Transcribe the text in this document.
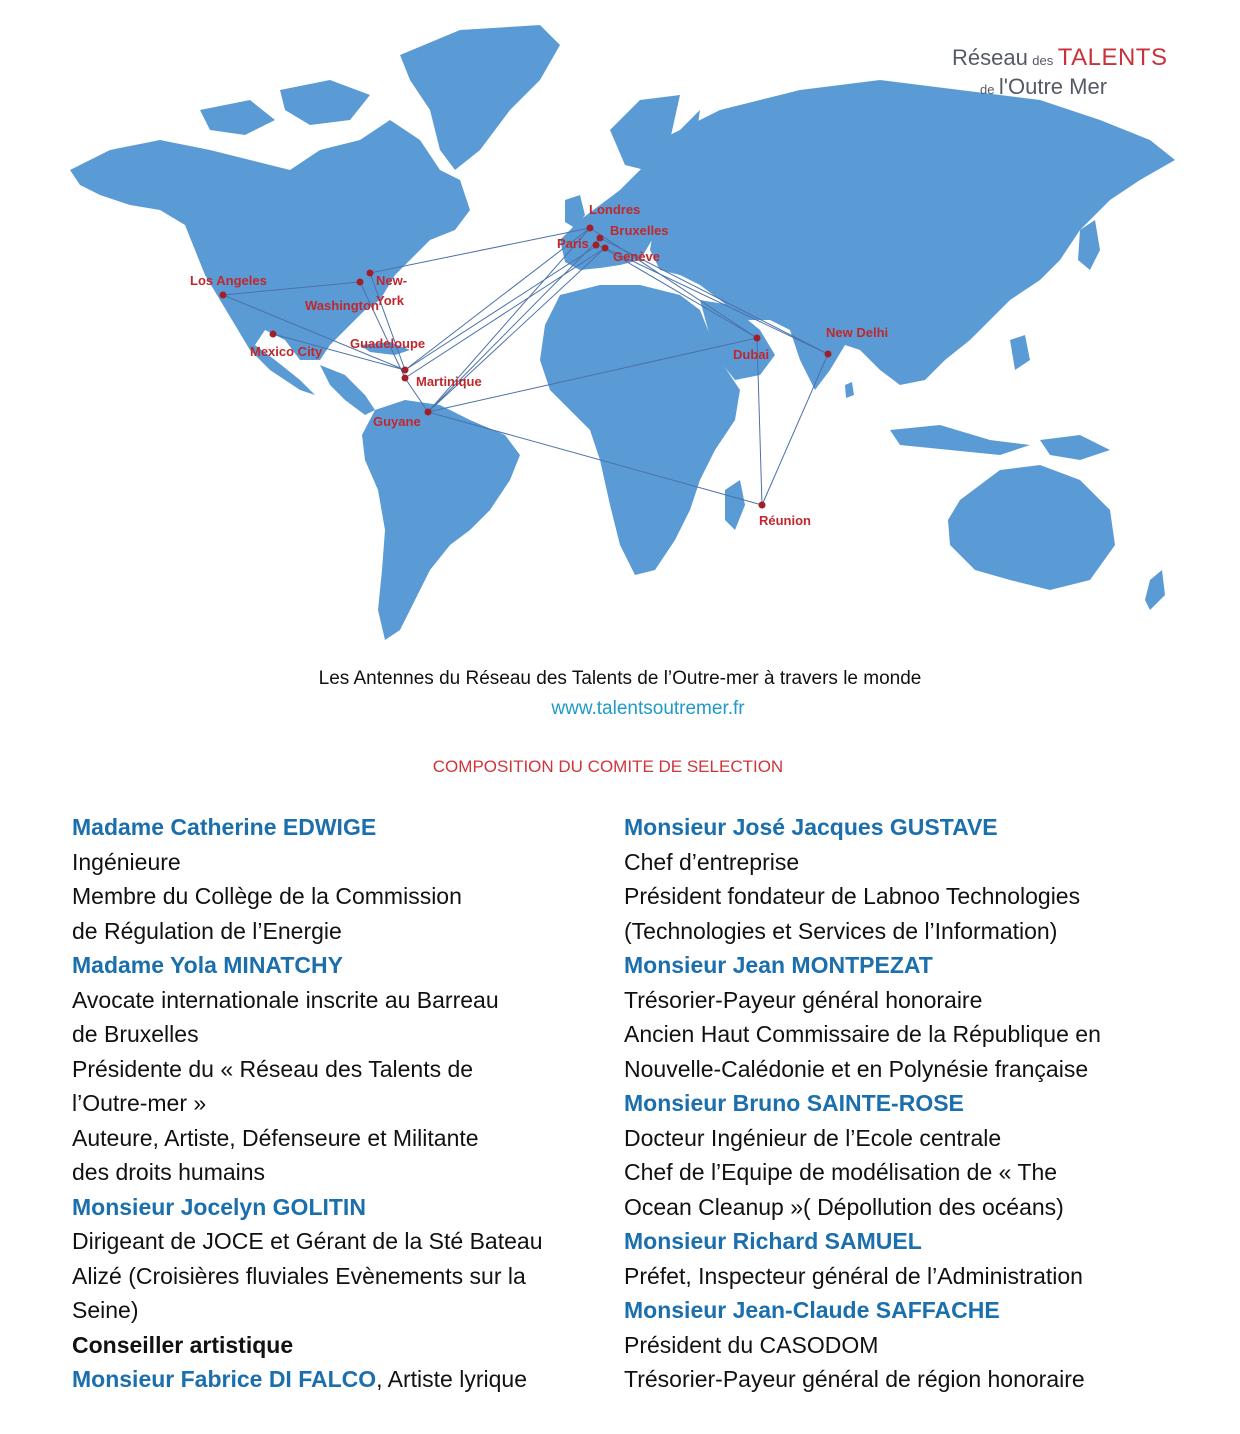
Londres
Bruxelles
Paris
Genève
Los Angeles	New-
York
Washington
Mexico City
Guadeloupe
Martinique
Guyane
New Delhi
Dubai
Réunion
Réseau des TALENTS
de l'Outre Mer
Les Antennes du Réseau des Talents de l’Outre-mer à travers le monde
www.talentsoutremer.fr
COMPOSITION DU COMITE DE SELECTION
Madame Catherine EDWIGE
Ingénieure
Membre du Collège de la Commission
de Régulation de l’Energie
Madame Yola MINATCHY
Avocate internationale inscrite au Barreau
de Bruxelles
Présidente du « Réseau des Talents de
l’Outre-mer »
Auteure, Artiste, Défenseure et Militante
des droits humains
Monsieur Jocelyn GOLITIN
Dirigeant de JOCE et Gérant de la Sté Bateau
Alizé (Croisières fluviales Evènements sur la
Seine)
Conseiller artistique
Monsieur Fabrice DI FALCO, Artiste lyrique
Monsieur José Jacques GUSTAVE
Chef d’entreprise
Président fondateur de Labnoo Technologies
(Technologies et Services de l’Information)
Monsieur Jean MONTPEZAT
Trésorier-Payeur général honoraire
Ancien Haut Commissaire de la République en
Nouvelle-Calédonie et en Polynésie française
Monsieur Bruno SAINTE-ROSE
Docteur Ingénieur de l’Ecole centrale
Chef de l’Equipe de modélisation de « The
Ocean Cleanup »( Dépollution des océans)
Monsieur Richard SAMUEL
Préfet, Inspecteur général de l’Administration
Monsieur Jean-Claude SAFFACHE
Président du CASODOM
Trésorier-Payeur général de région honoraire
